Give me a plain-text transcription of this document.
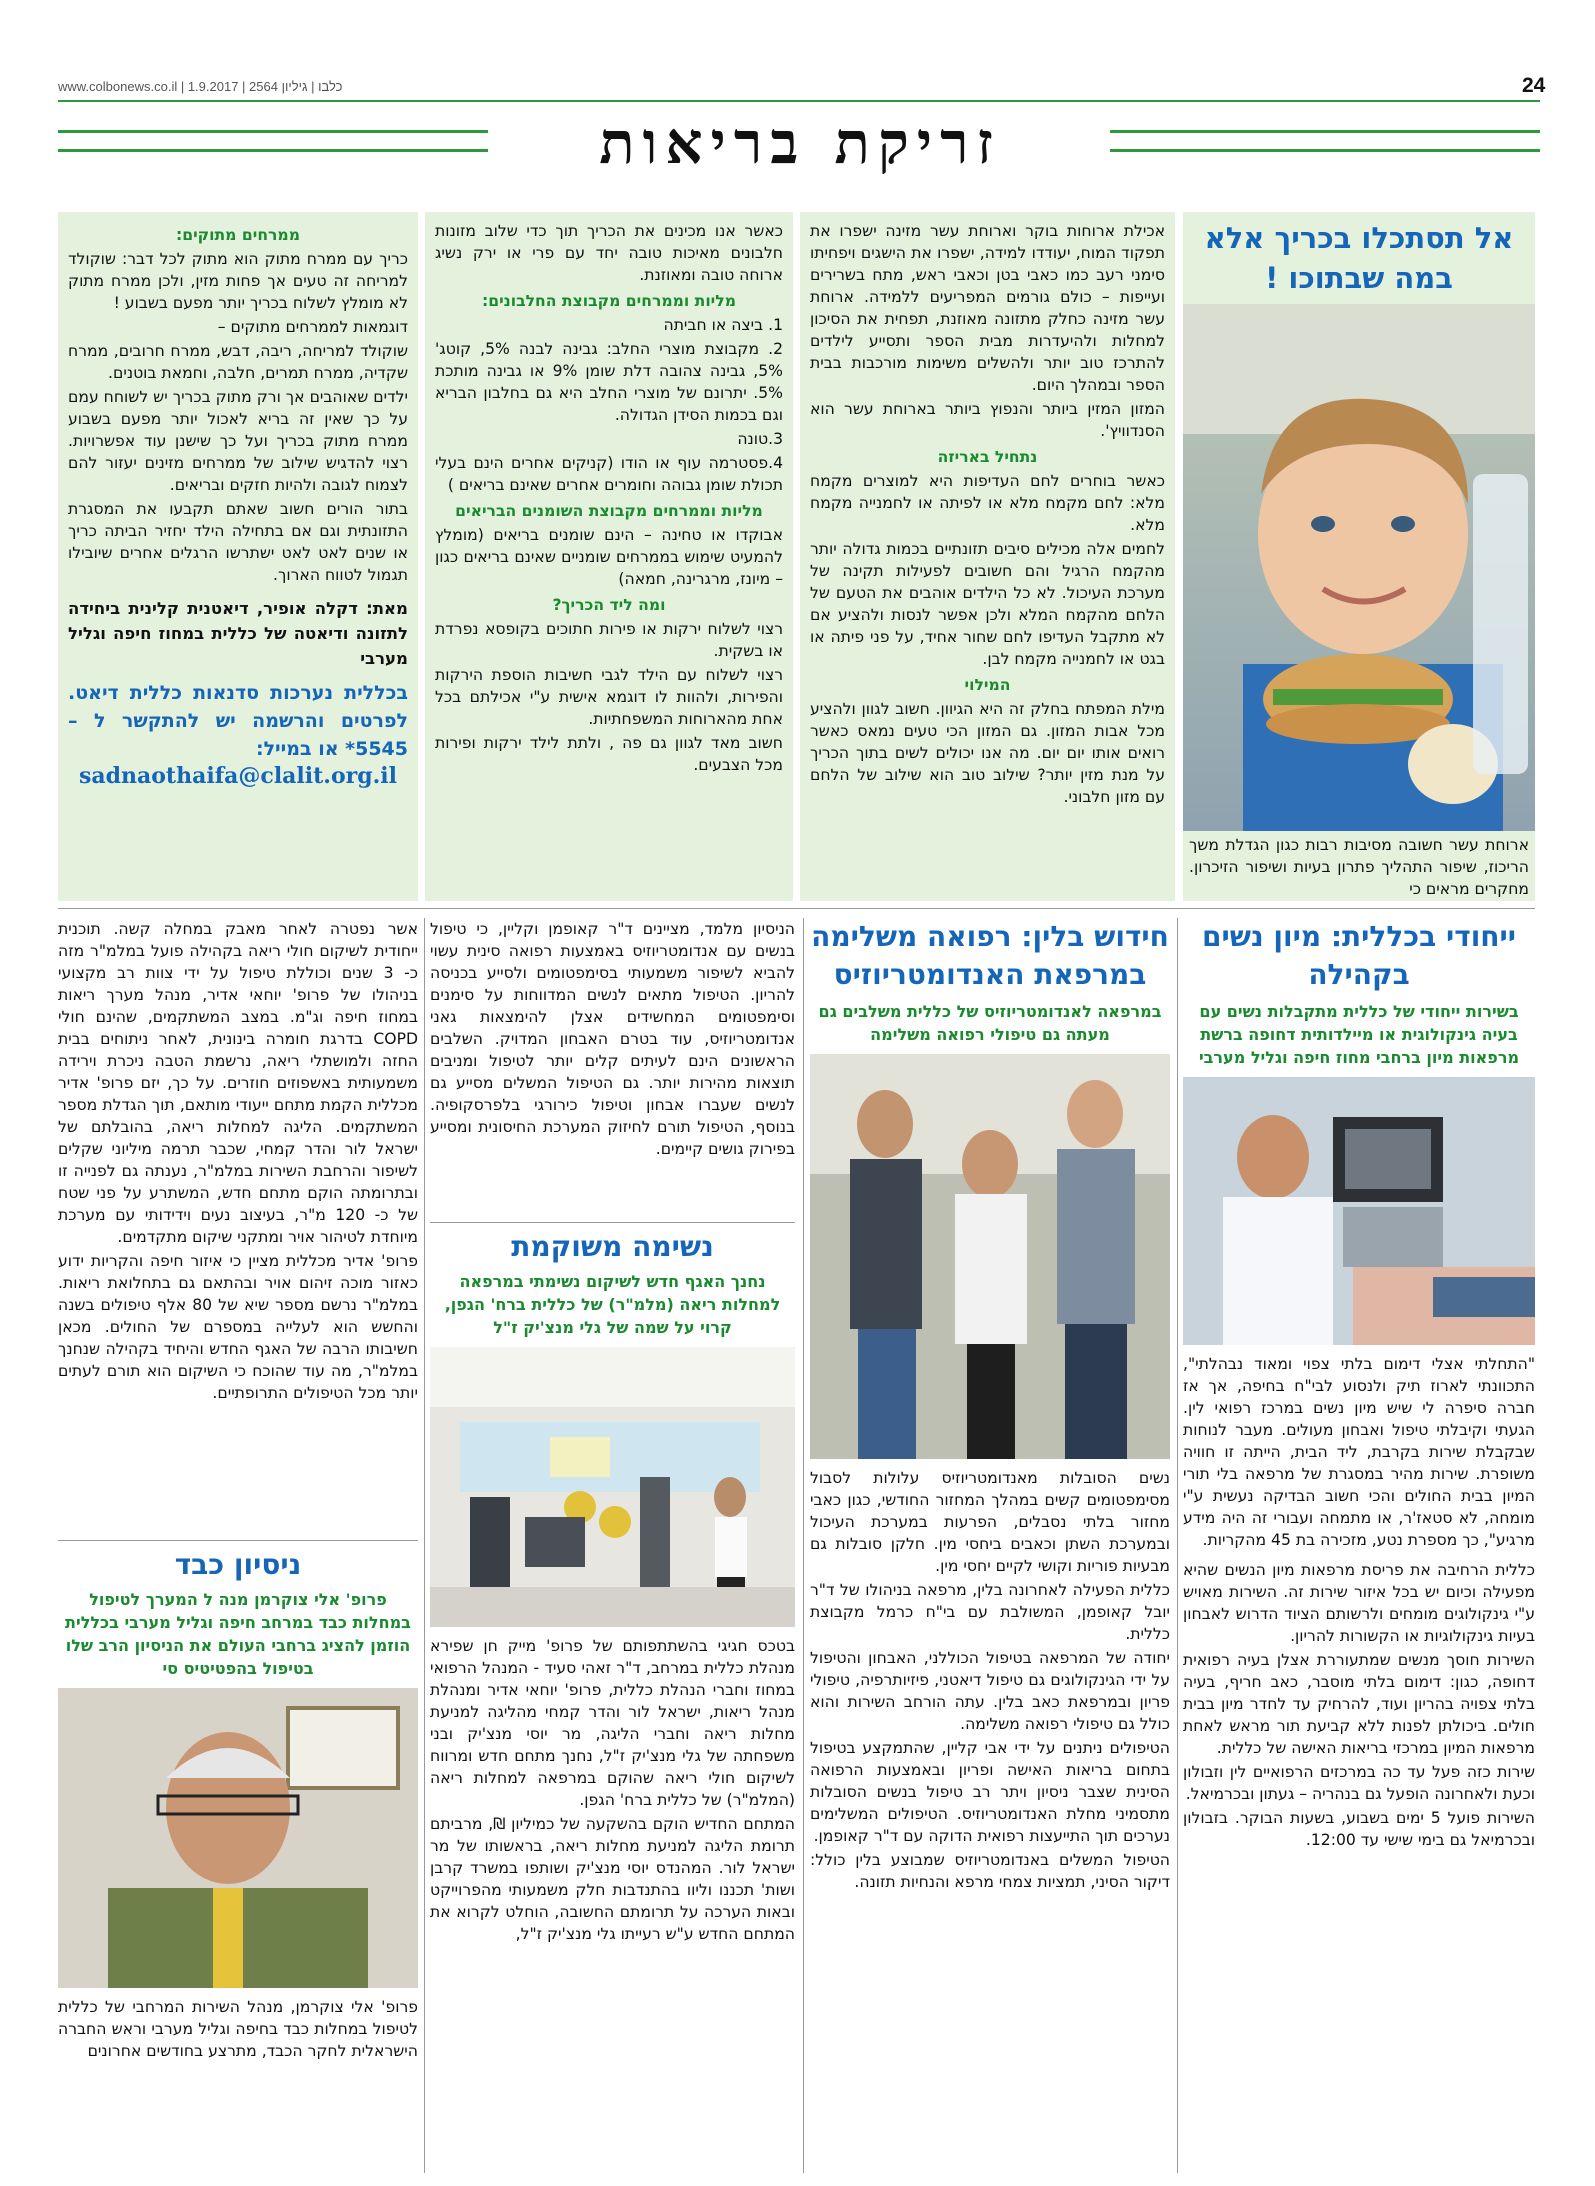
24
www.colbonews.co.il | כלבו | גיליון 2564 | 1.9.2017
זריקת בריאות
אל תסתכלו בכריך אלא במה שבתוכו !

ארוחת עשר חשובה מסיבות רבות כגון הגדלת משך הריכוז, שיפור התהליך פתרון בעיות ושיפור הזיכרון. מחקרים מראים כי

אכילת ארוחות בוקר וארוחת עשר מזינה ישפרו את תפקוד המוח, יעודדו למידה, ישפרו את הישגים ויפחיתו סימני רעב כמו כאבי בטן וכאבי ראש, מתח בשרירים ועייפות – כולם גורמים המפריעים ללמידה. ארוחת עשר מזינה כחלק מתזונה מאוזנת, תפחית את הסיכון למחלות ולהיעדרות מבית הספר ותסייע לילדים להתרכז טוב יותר ולהשלים משימות מורכבות בבית הספר ובמהלך היום.

המזון המזין ביותר והנפוץ ביותר בארוחת עשר הוא הסנדוויץ'.

נתחיל באריזה

כאשר בוחרים לחם העדיפות היא למוצרים מקמח מלא: לחם מקמח מלא או לפיתה או לחמנייה מקמח מלא.

לחמים אלה מכילים סיבים תזונתיים בכמות גדולה יותר מהקמח הרגיל והם חשובים לפעילות תקינה של מערכת העיכול. לא כל הילדים אוהבים את הטעם של הלחם מהקמח המלא ולכן אפשר לנסות ולהציע אם לא מתקבל העדיפו לחם שחור אחיד, על פני פיתה או בגט או לחמנייה מקמח לבן.

המילוי

מילת המפתח בחלק זה היא הגיוון. חשוב לגוון ולהציע מכל אבות המזון. גם המזון הכי טעים נמאס כאשר רואים אותו יום יום. מה אנו יכולים לשים בתוך הכריך על מנת מזין יותר? שילוב טוב הוא שילוב של הלחם עם מזון חלבוני.

כאשר אנו מכינים את הכריך תוך כדי שלוב מזונות חלבונים מאיכות טובה יחד עם פרי או ירק נשיג ארוחה טובה ומאוזנת.

מליות וממרחים מקבוצת החלבונים:

1. ביצה או חביתה

2. מקבוצת מוצרי החלב: גבינה לבנה 5%, קוטג' 5%, גבינה צהובה דלת שומן 9% או גבינה מותכת 5%. יתרונם של מוצרי החלב היא גם בחלבון הבריא וגם בכמות הסידן הגדולה.

3.טונה

4.פסטרמה עוף או הודו (קניקים אחרים הינם בעלי תכולת שומן גבוהה וחומרים אחרים שאינם בריאים )

מליות וממרחים מקבוצת השומנים הבריאים

אבוקדו או טחינה – הינם שומנים בריאים (מומלץ להמעיט שימוש בממרחים שומניים שאינם בריאים כגון – מיונז, מרגרינה, חמאה)

ומה ליד הכריך?

רצוי לשלוח ירקות או פירות חתוכים בקופסא נפרדת או בשקית.

רצוי לשלוח עם הילד לגבי חשיבות הוספת הירקות והפירות, ולהוות לו דוגמא אישית ע"י אכילתם בכל אחת מהארוחות המשפחתיות.

חשוב מאד לגוון גם פה , ולתת לילד ירקות ופירות מכל הצבעים.

ממרחים מתוקים:

כריך עם ממרח מתוק הוא מתוק לכל דבר: שוקולד למריחה זה טעים אך פחות מזין, ולכן ממרח מתוק לא מומלץ לשלוח בכריך יותר מפעם בשבוע !

דוגמאות לממרחים מתוקים –

שוקולד למריחה, ריבה, דבש, ממרח חרובים, ממרח שקדיה, ממרח תמרים, חלבה, וחמאת בוטנים.

ילדים שאוהבים אך ורק מתוק בכריך יש לשוחח עמם על כך שאין זה בריא לאכול יותר מפעם בשבוע ממרח מתוק בכריך ועל כך שישנן עוד אפשרויות. רצוי להדגיש שילוב של ממרחים מזינים יעזור להם לצמוח לגובה ולהיות חזקים ובריאים.

בתור הורים חשוב שאתם תקבעו את המסגרת התזונתית וגם אם בתחילה הילד יחזיר הביתה כריך או שנים לאט לאט ישתרשו הרגלים אחרים שיובילו תגמול לטווח הארוך.

מאת: דקלה אופיר, דיאטנית קלינית ביחידה לתזונה ודיאטה של כללית במחוז חיפה וגליל מערבי

בכללית נערכות סדנאות כללית דיאט. לפרטים והרשמה יש להתקשר ל – 5545* או במייל:

sadnaothaifa@clalit.org.il
ייחודי בכללית: מיון נשים בקהילה
בשירות ייחודי של כללית מתקבלות נשים עם בעיה גינקולוגית או מיילדותית דחופה ברשת מרפאות מיון ברחבי מחוז חיפה וגליל מערבי

"התחלתי אצלי דימום בלתי צפוי ומאוד נבהלתי", התכוונתי לארוז תיק ולנסוע לבי"ח בחיפה, אך אז חברה סיפרה לי שיש מיון נשים במרכז רפואי לין. הגעתי וקיבלתי טיפול ואבחון מעולים. מעבר לנוחות שבקבלת שירות בקרבת, ליד הבית, הייתה זו חוויה משופרת. שירות מהיר במסגרת של מרפאה בלי תורי המיון בבית החולים והכי חשוב הבדיקה נעשית ע"י מומחה, לא סטאז'ר, או מתמחה ועבורי זה היה מידע מרגיע", כך מספרת נטע, מזכירה בת 45 מהקריות.

כללית הרחיבה את פריסת מרפאות מיון הנשים שהיא מפעילה וכיום יש בכל איזור שירות זה. השירות מאויש ע"י גינקולוגים מומחים ולרשותם הציוד הדרוש לאבחון בעיות גינקולוגיות או הקשורות להריון.

השירות חוסך מנשים שמתעוררת אצלן בעיה רפואית דחופה, כגון: דימום בלתי מוסבר, כאב חריף, בעיה בלתי צפויה בהריון ועוד, להרחיק עד לחדר מיון בבית חולים. ביכולתן לפנות ללא קביעת תור מראש לאחת מרפאות המיון במרכזי בריאות האישה של כללית.

שירות כזה פעל עד כה במרכזים הרפואיים לין וזבולון וכעת ולאחרונה הופעל גם בנהריה – געתון ובכרמיאל.

השירות פועל 5 ימים בשבוע, בשעות הבוקר. בזבולון ובכרמיאל גם בימי שישי עד 12:00.

חידוש בלין: רפואה משלימה במרפאת האנדומטריוזיס
במרפאה לאנדומטריוזיס של כללית משלבים גם מעתה גם טיפולי רפואה משלימה

נשים הסובלות מאנדומטריוזיס עלולות לסבול מסימפטומים קשים במהלך המחזור החודשי, כגון כאבי מחזור בלתי נסבלים, הפרעות במערכת העיכול ובמערכת השתן וכאבים ביחסי מין. חלקן סובלות גם מבעיות פוריות וקושי לקיים יחסי מין.

כללית הפעילה לאחרונה בלין, מרפאה בניהולו של ד"ר יובל קאופמן, המשולבת עם בי"ח כרמל מקבוצת כללית.

יחודה של המרפאה בטיפול הכוללני, האבחון והטיפול על ידי הגינקולוגים גם טיפול דיאטני, פיזיותרפיה, טיפולי פריון ובמרפאת כאב בלין. עתה הורחב השירות והוא כולל גם טיפולי רפואה משלימה.

הטיפולים ניתנים על ידי אבי קליין, שהתמקצע בטיפול בתחום בריאות האישה ופריון ובאמצעות הרפואה הסינית שצבר ניסיון ויתר רב טיפול בנשים הסובלות מתסמיני מחלת האנדומטריוזיס. הטיפולים המשלימים נערכים תוך התייעצות רפואית הדוקה עם ד"ר קאופמן.

הטיפול המשלים באנדומטריוזיס שמבוצע בלין כולל: דיקור הסיני, תמציות צמחי מרפא והנחיות תזונה.

הניסיון מלמד, מציינים ד"ר קאופמן וקליין, כי טיפול בנשים עם אנדומטריוזיס באמצעות רפואה סינית עשוי להביא לשיפור משמעותי בסימפטומים ולסייע בכניסה להריון. הטיפול מתאים לנשים המדווחות על סימנים וסימפטומים המחשידים אצלן להימצאות גאני אנדומטריוזיס, עוד בטרם האבחון המדויק. השלבים הראשונים הינם לעיתים קלים יותר לטיפול ומניבים תוצאות מהירות יותר. גם הטיפול המשלים מסייע גם לנשים שעברו אבחון וטיפול כירורגי בלפרסקופיה. בנוסף, הטיפול תורם לחיזוק המערכת החיסונית ומסייע בפירוק גושים קיימים.

נשימה משוקמת
נחנך האגף חדש לשיקום נשימתי במרפאה למחלות ריאה (מלמ"ר) של כללית ברח' הגפן, קרוי על שמה של גלי מנצ'יק ז"ל

בטכס חגיגי בהשתתפותם של פרופ' מייק חן שפירא מנהלת כללית במרחב, ד"ר זאהי סעיד - המנהל הרפואי במחוז וחברי הנהלת כללית, פרופ' יוחאי אדיר ומנהלת מנהל ריאות, ישראל לור והדר קמחי מהליגה למניעת מחלות ריאה וחברי הליגה, מר יוסי מנצ'יק ובני משפחתה של גלי מנצ'יק ז"ל, נחנך מתחם חדש ומרווח לשיקום חולי ריאה שהוקם במרפאה למחלות ריאה (המלמ"ר) של כללית ברח' הגפן.

המתחם החדיש הוקם בהשקעה של כמיליון ₪, מרביתם תרומת הליגה למניעת מחלות ריאה, בראשותו של מר ישראל לור. המהנדס יוסי מנצ'יק ושותפו במשרד קרבן ושות' תכננו וליוו בהתנדבות חלק משמעותי מהפרוייקט ובאות הערכה על תרומתם החשובה, הוחלט לקרוא את המתחם החדש ע"ש רעייתו גלי מנצ'יק ז"ל,

אשר נפטרה לאחר מאבק במחלה קשה. תוכנית ייחודית לשיקום חולי ריאה בקהילה פועל במלמ"ר מזה כ- 3 שנים וכוללת טיפול על ידי צוות רב מקצועי בניהולו של פרופ' יוחאי אדיר, מנהל מערך ריאות במחוז חיפה וג"מ. במצב המשתקמים, שהינם חולי COPD בדרגת חומרה בינונית, לאחר ניתוחים בבית החזה ולמושתלי ריאה, נרשמת הטבה ניכרת וירידה משמעותית באשפוזים חוזרים. על כך, יזם פרופ' אדיר מכללית הקמת מתחם ייעודי מותאם, תוך הגדלת מספר המשתקמים. הליגה למחלות ריאה, בהובלתם של ישראל לור והדר קמחי, שכבר תרמה מיליוני שקלים לשיפור והרחבת השירות במלמ"ר, נענתה גם לפנייה זו ובתרומתה הוקם מתחם חדש, המשתרע על פני שטח של כ- 120 מ"ר, בעיצוב נעים וידידותי עם מערכת מיוחדת לטיהור אויר ומתקני שיקום מתקדמים.

פרופ' אדיר מכללית מציין כי איזור חיפה והקריות ידוע כאזור מוכה זיהום אויר ובהתאם גם בתחלואת ריאות. במלמ"ר נרשם מספר שיא של 80 אלף טיפולים בשנה והחשש הוא לעלייה במספרם של החולים. מכאן חשיבותו הרבה של האגף החדש והיחיד בקהילה שנחנך במלמ"ר, מה עוד שהוכח כי השיקום הוא תורם לעתים יותר מכל הטיפולים התרופתיים.

ניסיון כבד
פרופ' אלי צוקרמן מנה ל המערך לטיפול במחלות כבד במרחב חיפה וגליל מערבי בכללית הוזמן להציג ברחבי העולם את הניסיון הרב שלו בטיפול בהפטיטיס סי

פרופ' אלי צוקרמן, מנהל השירות המרחבי של כללית לטיפול במחלות כבד בחיפה וגליל מערבי וראש החברה הישראלית לחקר הכבד, מתרצע בחודשים אחרונים
